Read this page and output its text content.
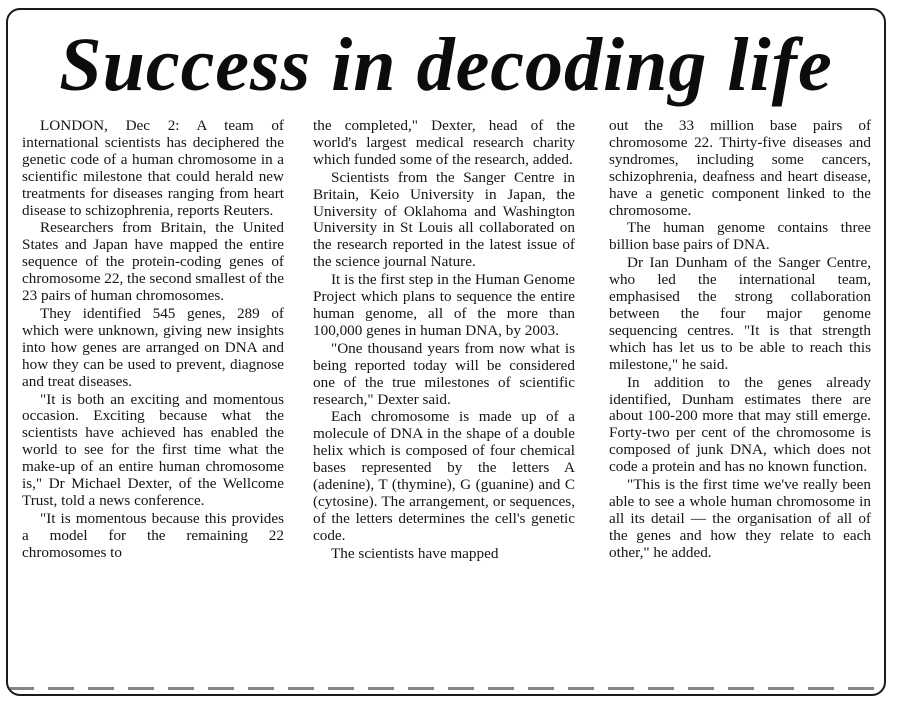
Success in decoding life

LONDON, Dec 2: A team of international scientists has deciphered the genetic code of a human chromosome in a scientific milestone that could herald new treatments for diseases ranging from heart disease to schizophrenia, reports Reuters.

Researchers from Britain, the United States and Japan have mapped the entire sequence of the protein-coding genes of chromosome 22, the second smallest of the 23 pairs of human chromosomes.

They identified 545 genes, 289 of which were unknown, giving new insights into how genes are arranged on DNA and how they can be used to prevent, diagnose and treat diseases.

"It is both an exciting and momentous occasion. Exciting because what the scientists have achieved has enabled the world to see for the first time what the make-up of an entire human chromosome is," Dr Michael Dexter, of the Wellcome Trust, told a news conference.

"It is momentous because this provides a model for the remaining 22 chromosomes to

the completed," Dexter, head of the world's largest medical research charity which funded some of the research, added.

Scientists from the Sanger Centre in Britain, Keio University in Japan, the University of Oklahoma and Washington University in St Louis all collaborated on the research reported in the latest issue of the science journal Nature.

It is the first step in the Human Genome Project which plans to sequence the entire human genome, all of the more than 100,000 genes in human DNA, by 2003.

"One thousand years from now what is being reported today will be considered one of the true milestones of scientific research," Dexter said.

Each chromosome is made up of a molecule of DNA in the shape of a double helix which is composed of four chemical bases represented by the letters A (adenine), T (thymine), G (guanine) and C (cytosine). The arrangement, or sequences, of the letters determines the cell's genetic code.

The scientists have mapped

out the 33 million base pairs of chromosome 22. Thirty-five diseases and syndromes, including some cancers, schizophrenia, deafness and heart disease, have a genetic component linked to the chromosome.

The human genome contains three billion base pairs of DNA.

Dr Ian Dunham of the Sanger Centre, who led the international team, emphasised the strong collaboration between the four major genome sequencing centres. "It is that strength which has let us to be able to reach this milestone," he said.

In addition to the genes already identified, Dunham estimates there are about 100-200 more that may still emerge. Forty-two per cent of the chromosome is composed of junk DNA, which does not code a protein and has no known function.

"This is the first time we've really been able to see a whole human chromosome in all its detail — the organisation of all of the genes and how they relate to each other," he added.
